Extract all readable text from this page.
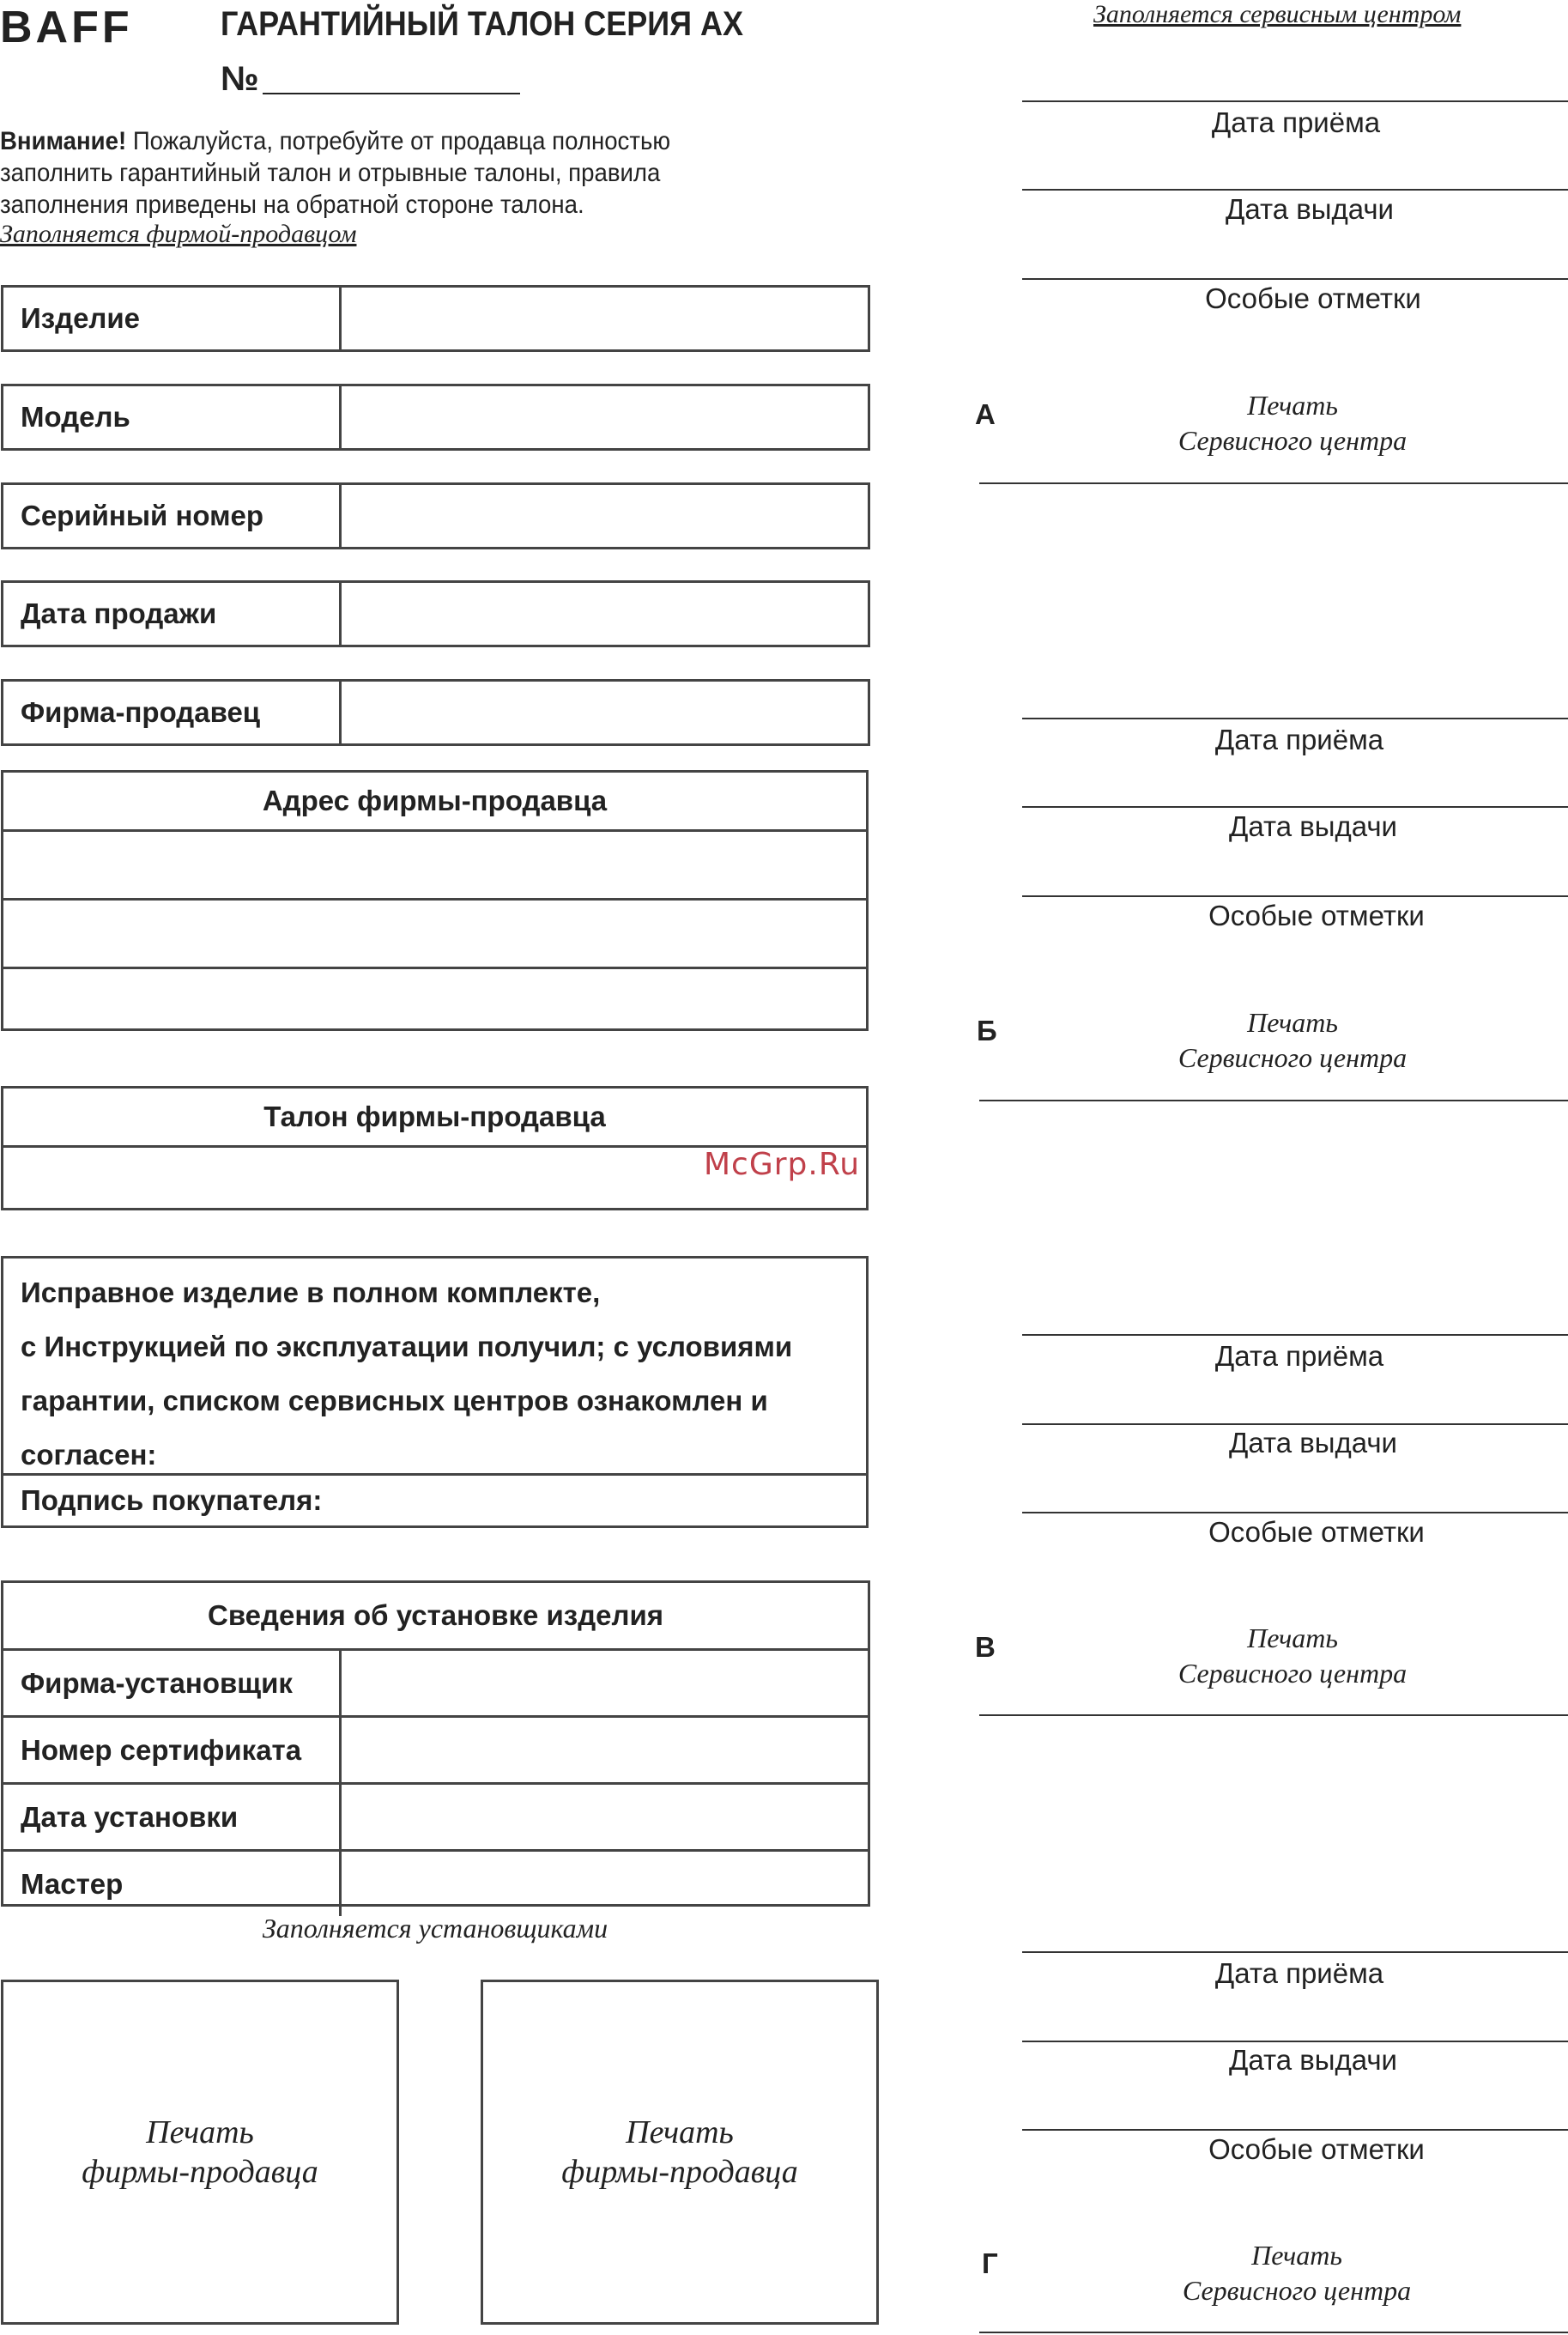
BAFF	ГАРАНТИЙНЫЙ ТАЛОН СЕРИЯ АХ
№
Внимание! Пожалуйста, потребуйте от продавца полностью заполнить гарантийный талон и отрывные талоны, правила заполнения приведены на обратной стороне талона.
Заполняется фирмой-продавцом
Заполняется сервисным центром
Изделие
Модель
Серийный номер
Дата продажи
Фирма-продавец
Адрес фирмы-продавца
Талон фирмы-продавца
McGrp.Ru
Исправное изделие в полном комплекте,
с Инструкцией по эксплуатации получил; с условиями
гарантии, списком сервисных центров ознакомлен и
согласен:
Подпись покупателя:
Сведения об установке изделия
Фирма-установщик
Номер сертификата
Дата установки
Мастер
Заполняется установщиками
Печать
фирмы-продавца
Печать
фирмы-продавца
Дата приёма
Дата выдачи
Особые отметки
А	Печать
Сервисного центра
Дата приёма
Дата выдачи
Особые отметки
Б	Печать
Сервисного центра
Дата приёма
Дата выдачи
Особые отметки
В	Печать
Сервисного центра
Дата приёма
Дата выдачи
Особые отметки
Г	Печать
Сервисного центра
